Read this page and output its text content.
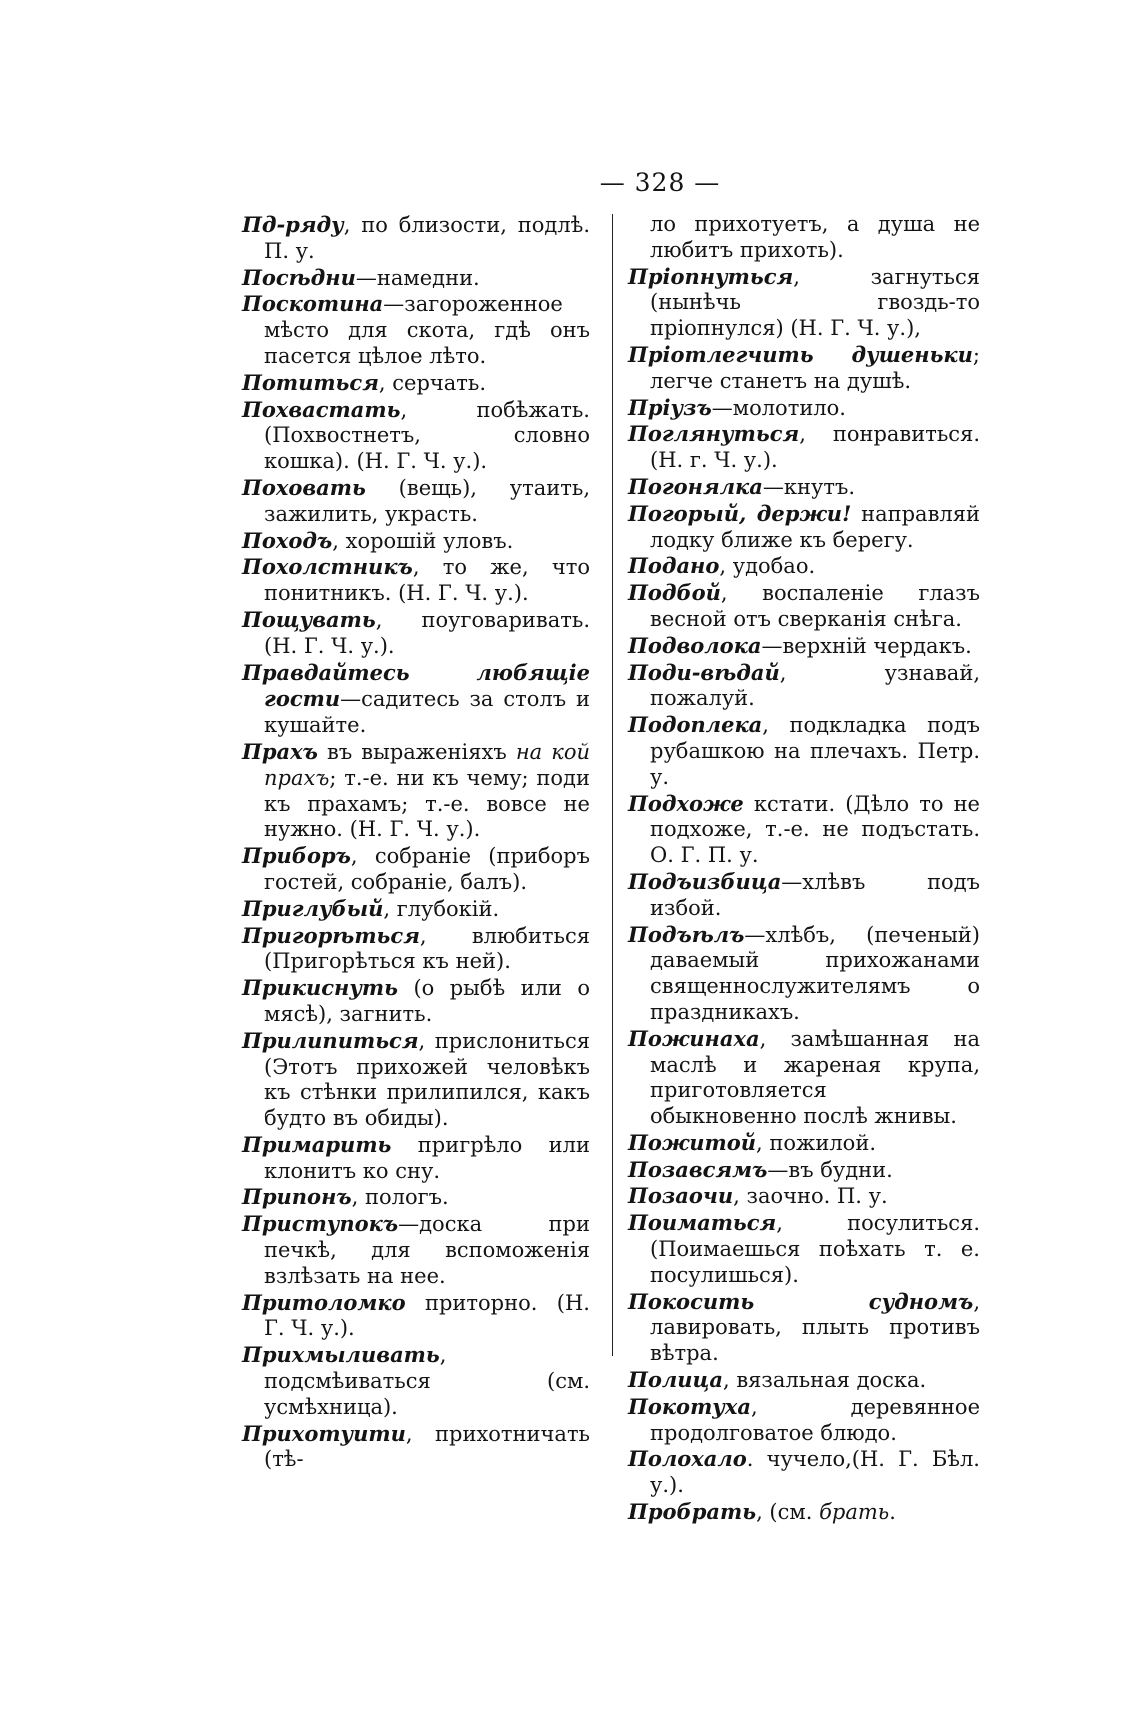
— 328 —

Пд-ряду, по близости, подлѣ. П. у.

Посѣдни—намедни.

Поскотина—загороженное мѣсто для скота, гдѣ онъ пасется цѣлое лѣто.

Потиться, серчать.

Похвастать, побѣжать. (Похвостнетъ, словно кошка). (Н. Г. Ч. у.).

Поховать (вещь), утаить, зажилить, украсть.

Походъ, хорошій уловъ.

Похолстникъ, то же, что понитникъ. (Н. Г. Ч. у.).

Пощувать, поуговаривать. (Н. Г. Ч. у.).

Правдайтесь любящіе гости—садитесь за столъ и кушайте.

Прахъ въ выраженіяхъ на кой прахъ; т.-е. ни къ чему; поди къ прахамъ; т.-е. вовсе не нужно. (Н. Г. Ч. у.).

Приборъ, собраніе (приборъ гостей, собраніе, балъ).

Приглубый, глубокій.

Пригорѣться, влюбиться (Пригорѣться къ ней).

Прикиснуть (о рыбѣ или о мясѣ), загнить.

Прилипиться, прислониться (Этотъ прихожей человѣкъ къ стѣнки прилипился, какъ будто въ обиды).

Примарить пригрѣло или клонитъ ко сну.

Припонъ, пологъ.

Приступокъ—доска при печкѣ, для вспоможенія взлѣзать на нее.

Притоломко приторно. (Н. Г. Ч. у.).

Прихмыливать, подсмѣиваться (см. усмѣхница).

Прихотуити, прихотничать (тѣ-

ло прихотуетъ, а душа не любитъ прихоть).

Пріопнуться, загнуться (нынѣчь гвоздь-то пріопнулся) (Н. Г. Ч. у.),

Пріотлегчить душеньки; легче станетъ на душѣ.

Пріузъ—молотило.

Поглянуться, понравиться. (Н. г. Ч. у.).

Погонялка—кнутъ.

Погорый, держи! направляй лодку ближе къ берегу.

Подано, удобао.

Подбой, воспаленіе глазъ весной отъ сверканія снѣга.

Подволока—верхній чердакъ.

Поди-вѣдай, узнавай, пожалуй.

Подоплека, подкладка подъ рубашкою на плечахъ. Петр. у.

Подхоже кстати. (Дѣло то не подхоже, т.-е. не подъстать. О. Г. П. у.

Подъизбица—хлѣвъ подъ избой.

Подъѣлъ—хлѣбъ, (печеный) даваемый прихожанами священнослужителямъ о праздникахъ.

Пожинаха, замѣшанная на маслѣ и жареная крупа, приготовляется обыкновенно послѣ жнивы.

Пожитой, пожилой.

Позавсямъ—въ будни.

Позаочи, заочно. П. у.

Поиматься, посулиться. (Поимаешься поѣхать т. е. посулишься).

Покосить судномъ, лавировать, плыть противъ вѣтра.

Полица, вязальная доска.

Покотуха, деревянное продолговатое блюдо.

Полохало. чучело,(Н. Г. Бѣл. у.).

Пробрать, (см. брать.
